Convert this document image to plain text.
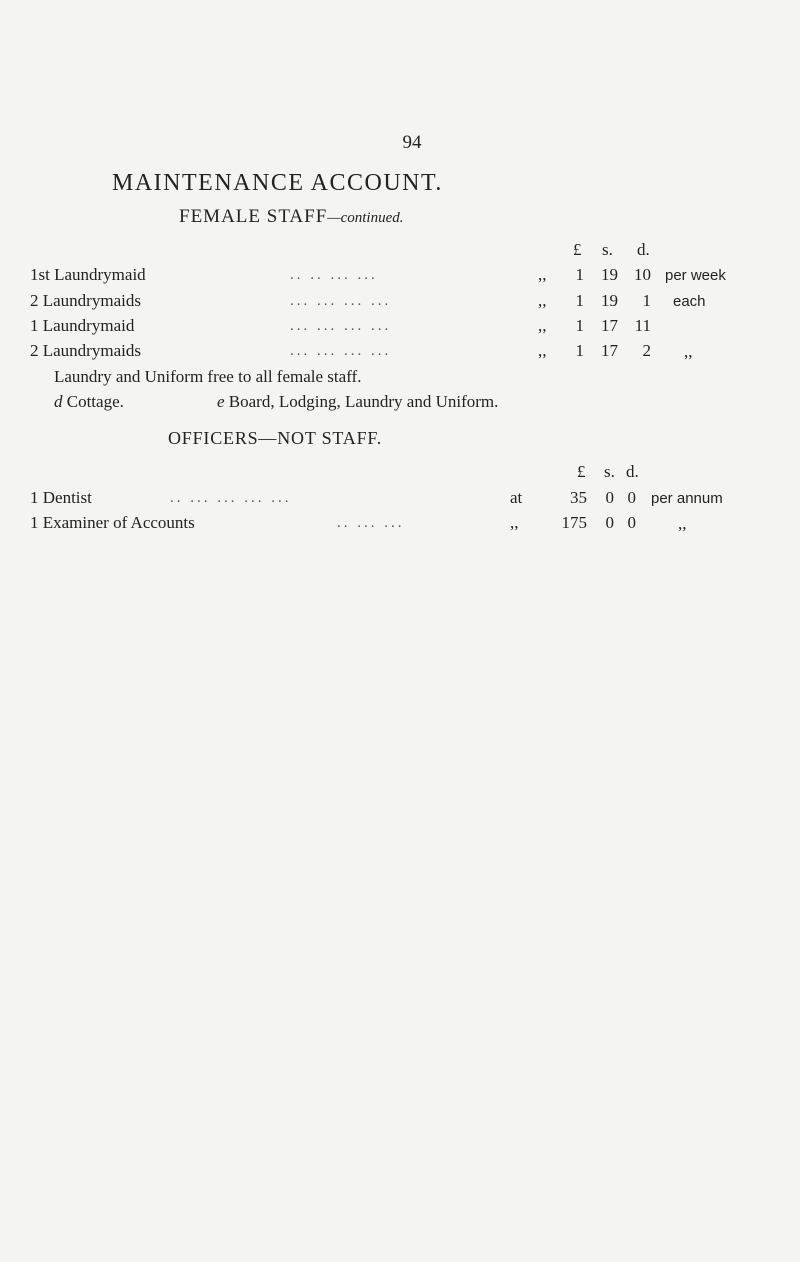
94
MAINTENANCE ACCOUNT.
FEMALE STAFF—continued.
£ s. d.
1st Laundrymaid	.. .. ... ...	,,	1	19 10 per week
2 Laundrymaids	... ... ... ...	,,	1	19	1 each
1 Laundrymaid	... ... ... ...	,,	1	17 11
2 Laundrymaids	... ... ... ...	,,	1	17	2 ,,
Laundry and Uniform free to all female staff.
d Cottage.	e Board, Lodging, Laundry and Uniform.
OFFICERS—NOT STAFF.
£ s. d.
1 Dentist	.. ... ... ... ...	at	35	0 0 per annum
1 Examiner of Accounts	.. ... ...	,,	175	0 0 ,,
